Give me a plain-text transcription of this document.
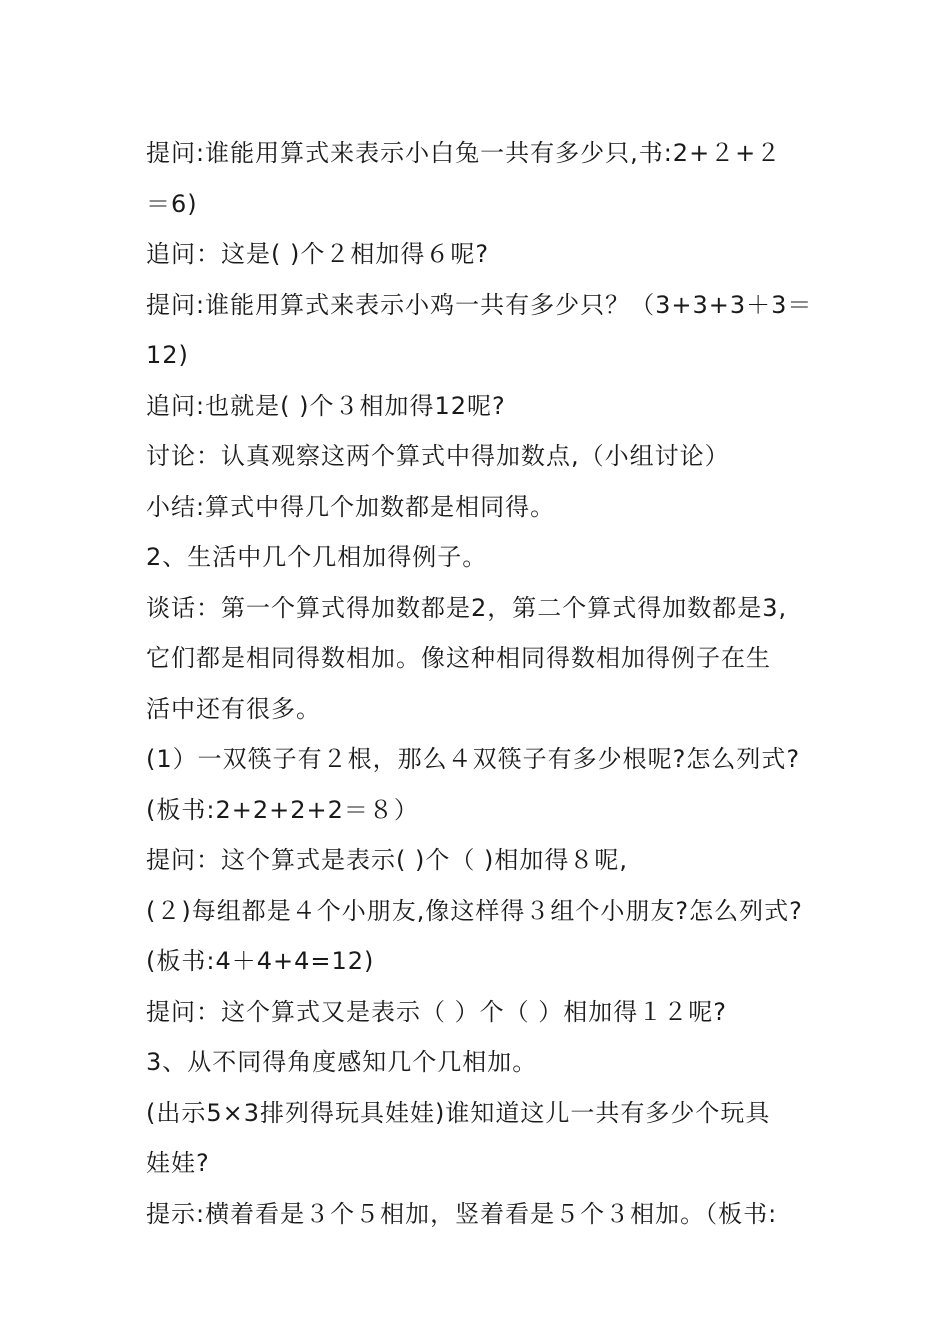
提问:谁能用算式来表示小白兔一共有多少只,书:2+２+２
＝6)
追问：这是( )个２相加得６呢?
提问:谁能用算式来表示小鸡一共有多少只？（3+3+3＋3＝
12)
追问:也就是( )个３相加得12呢?
讨论：认真观察这两个算式中得加数点,（小组讨论）
小结:算式中得几个加数都是相同得。
2、生活中几个几相加得例子。
谈话：第一个算式得加数都是2，第二个算式得加数都是3,
它们都是相同得数相加。像这种相同得数相加得例子在生
活中还有很多。
(1）一双筷子有２根，那么４双筷子有多少根呢?怎么列式?
(板书:2+2+2+2＝８）
提问：这个算式是表示( )个（ )相加得８呢,
(２)每组都是４个小朋友,像这样得３组个小朋友?怎么列式?
(板书:4＋4+4=12)
提问：这个算式又是表示（ ）个（ ）相加得１２呢?
3、从不同得角度感知几个几相加。
(出示5×3排列得玩具娃娃)谁知道这儿一共有多少个玩具
娃娃?
提示:横着看是３个５相加，竖着看是５个３相加。（板书:
